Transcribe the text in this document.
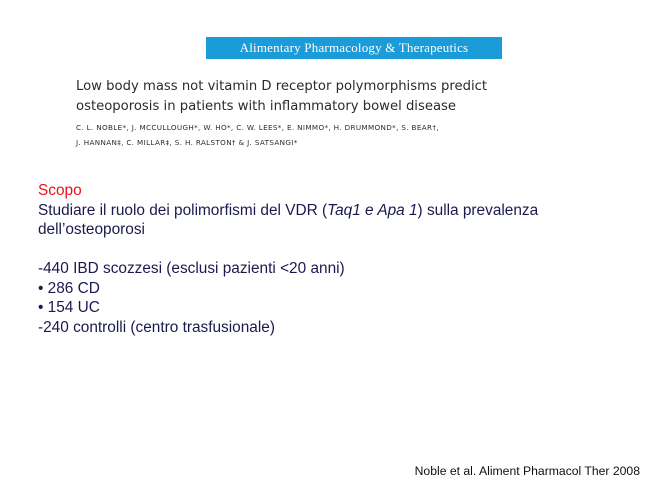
Alimentary Pharmacology & Therapeutics
Low body mass not vitamin D receptor polymorphisms predict
osteoporosis in patients with inflammatory bowel disease
C. L. NOBLE*, J. MCCULLOUGH*, W. HO*, C. W. LEES*, E. NIMMO*, H. DRUMMOND*, S. BEAR†,
J. HANNAN‡, C. MILLAR‡, S. H. RALSTON† & J. SATSANGI*
Scopo
Studiare il ruolo dei polimorfismi del VDR (Taq1 e Apa 1) sulla prevalenza
dell’osteoporosi
-440 IBD scozzesi (esclusi pazienti <20 anni)
• 286 CD
• 154 UC
-240 controlli (centro trasfusionale)
Noble et al. Aliment Pharmacol Ther 2008
